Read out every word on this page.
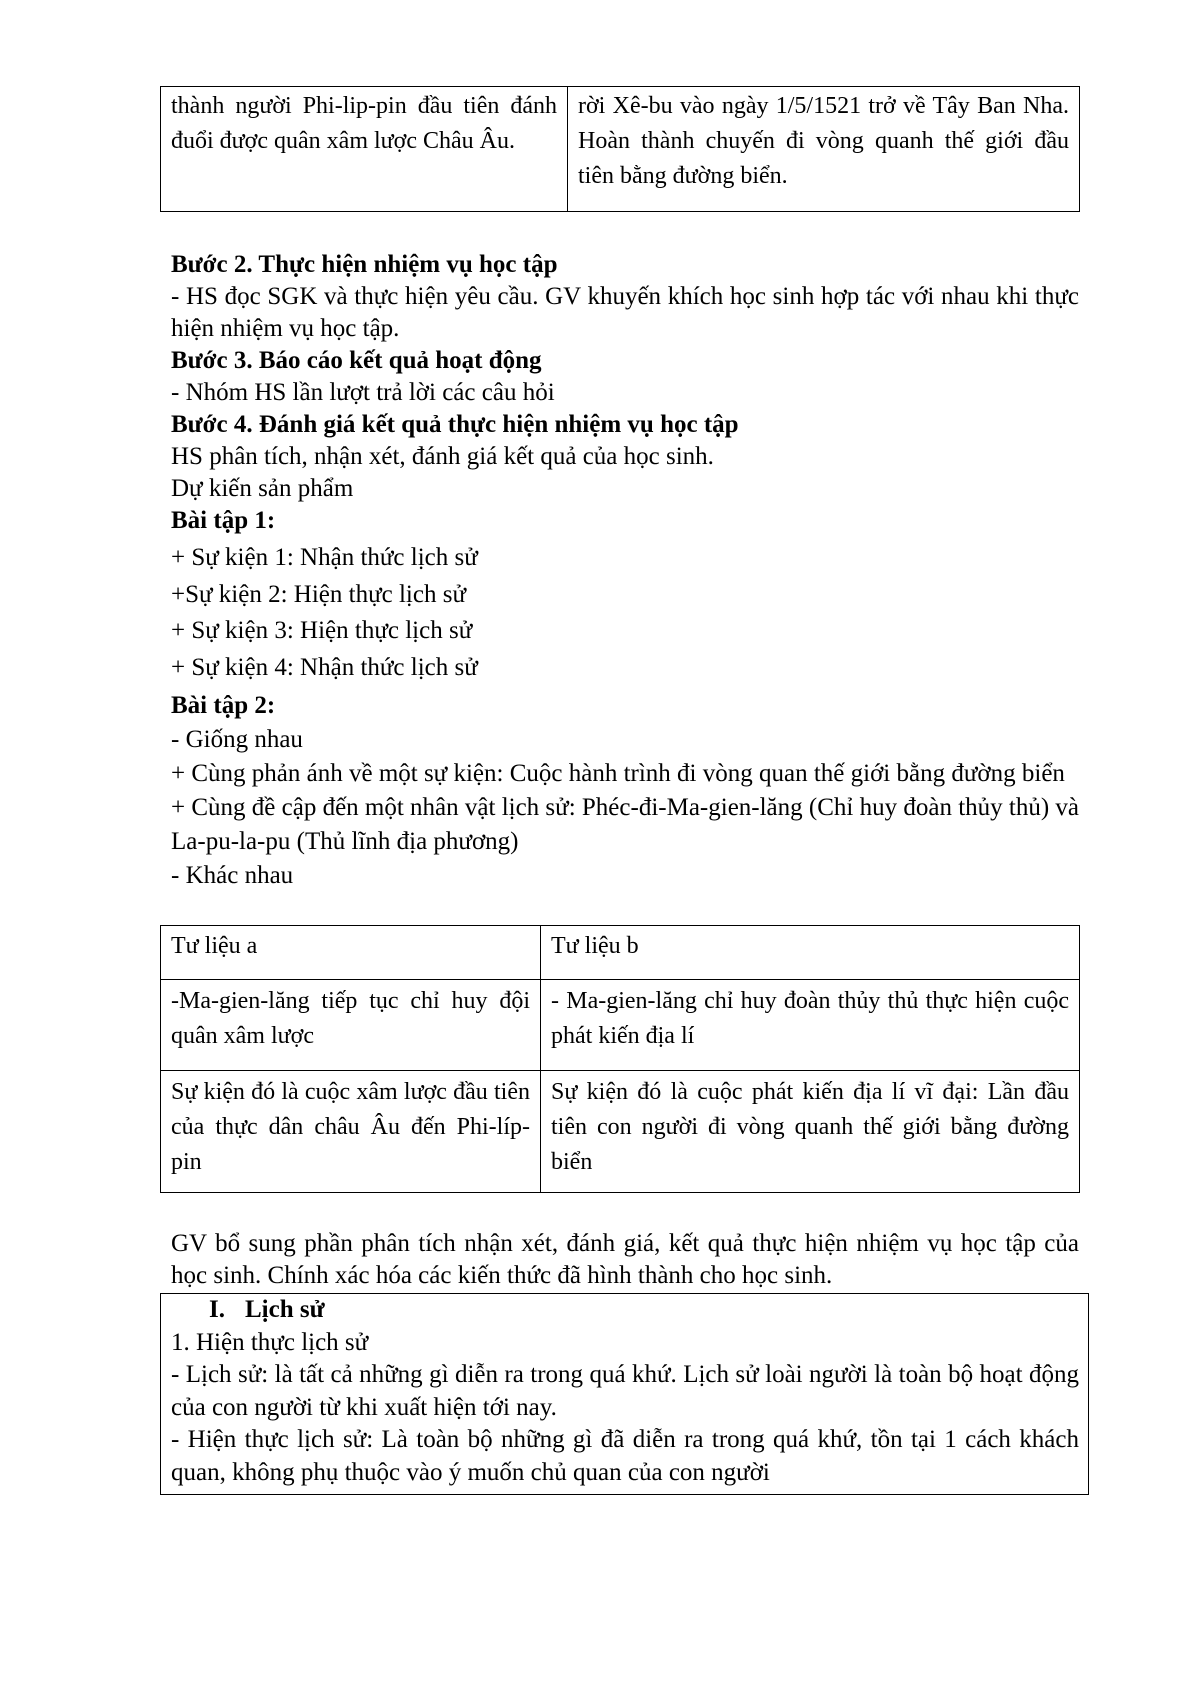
thành người Phi-lip-pin đầu tiên đánh đuổi được quân xâm lược Châu Âu.	rời Xê-bu vào ngày 1/5/1521 trở về Tây Ban Nha. Hoàn thành chuyến đi vòng quanh thế giới đầu tiên bằng đường biển.
Bước 2. Thực hiện nhiệm vụ học tập
- HS đọc SGK và thực hiện yêu cầu. GV khuyến khích học sinh hợp tác với nhau khi thực hiện nhiệm vụ học tập.
Bước 3. Báo cáo kết quả hoạt động
- Nhóm HS lần lượt trả lời các câu hỏi
Bước 4. Đánh giá kết quả thực hiện nhiệm vụ học tập
HS phân tích, nhận xét, đánh giá kết quả của học sinh.
Dự kiến sản phẩm
Bài tập 1:
+ Sự kiện 1: Nhận thức lịch sử
+Sự kiện 2: Hiện thực lịch sử
+ Sự kiện 3: Hiện thực lịch sử
+ Sự kiện 4: Nhận thức lịch sử
Bài tập 2:
- Giống nhau
+ Cùng phản ánh về một sự kiện: Cuộc hành trình đi vòng quan thế giới bằng đường biển
+ Cùng đề cập đến một nhân vật lịch sử: Phéc-đi-Ma-gien-lăng (Chỉ huy đoàn thủy thủ) và La-pu-la-pu (Thủ lĩnh địa phương)
- Khác nhau
Tư liệu a	Tư liệu b
-Ma-gien-lăng tiếp tục chỉ huy đội quân xâm lược	- Ma-gien-lăng chỉ huy đoàn thủy thủ thực hiện cuộc phát kiến địa lí
Sự kiện đó là cuộc xâm lược đầu tiên của thực dân châu Âu đến Phi-líp-pin	Sự kiện đó là cuộc phát kiến địa lí vĩ đại: Lần đầu tiên con người đi vòng quanh thế giới bằng đường biển
GV bổ sung phần phân tích nhận xét, đánh giá, kết quả thực hiện nhiệm vụ học tập của học sinh. Chính xác hóa các kiến thức đã hình thành cho học sinh.
I. Lịch sử
1. Hiện thực lịch sử
- Lịch sử: là tất cả những gì diễn ra trong quá khứ. Lịch sử loài người là toàn bộ hoạt động của con người từ khi xuất hiện tới nay.
- Hiện thực lịch sử: Là toàn bộ những gì đã diễn ra trong quá khứ, tồn tại 1 cách khách quan, không phụ thuộc vào ý muốn chủ quan của con người
